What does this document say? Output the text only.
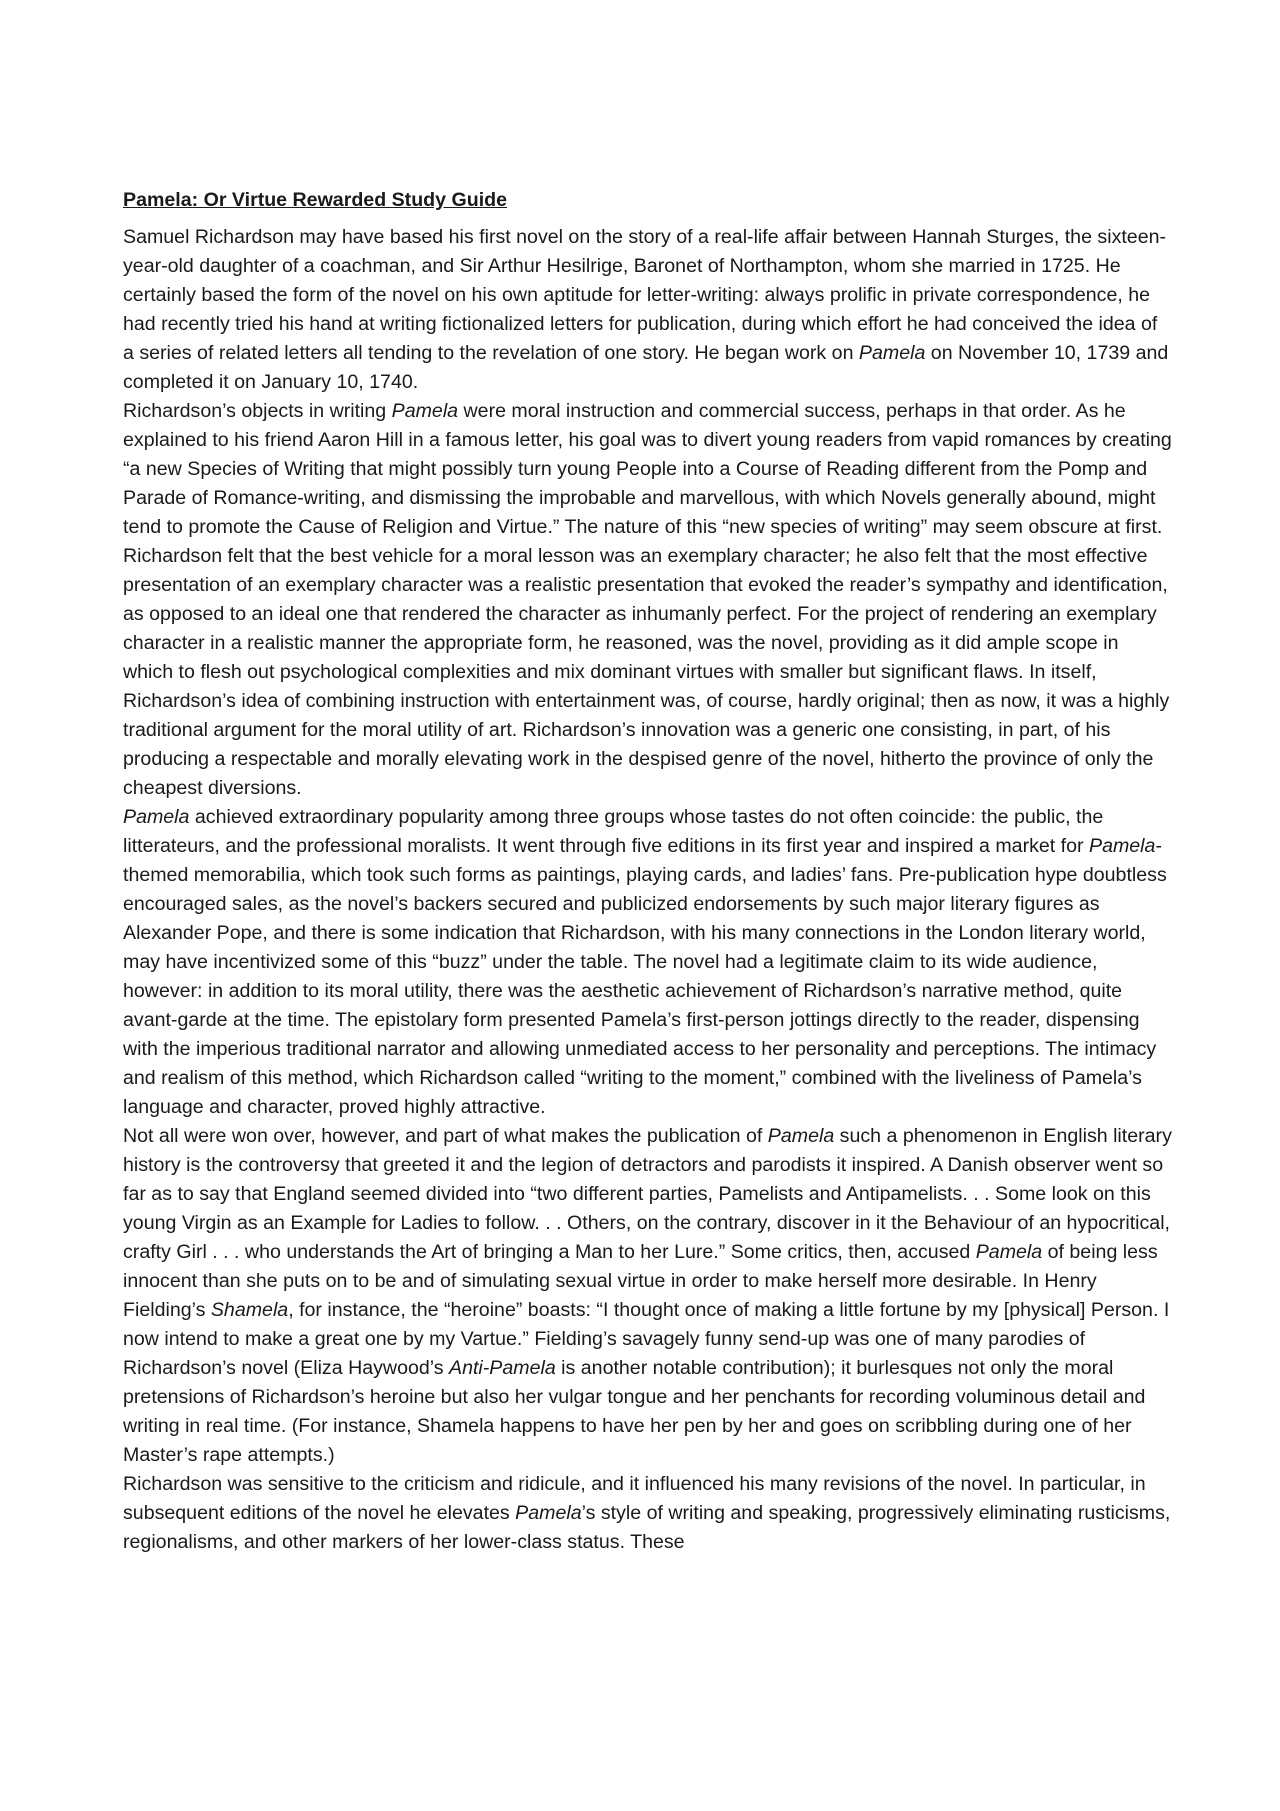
Pamela: Or Virtue Rewarded Study Guide

Samuel Richardson may have based his first novel on the story of a real-life affair between Hannah Sturges, the sixteen-year-old daughter of a coachman, and Sir Arthur Hesilrige, Baronet of Northampton, whom she married in 1725. He certainly based the form of the novel on his own aptitude for letter-writing: always prolific in private correspondence, he had recently tried his hand at writing fictionalized letters for publication, during which effort he had conceived the idea of a series of related letters all tending to the revelation of one story. He began work on Pamela on November 10, 1739 and completed it on January 10, 1740.

Richardson’s objects in writing Pamela were moral instruction and commercial success, perhaps in that order. As he explained to his friend Aaron Hill in a famous letter, his goal was to divert young readers from vapid romances by creating “a new Species of Writing that might possibly turn young People into a Course of Reading different from the Pomp and Parade of Romance-writing, and dismissing the improbable and marvellous, with which Novels generally abound, might tend to promote the Cause of Religion and Virtue.” The nature of this “new species of writing” may seem obscure at first. Richardson felt that the best vehicle for a moral lesson was an exemplary character; he also felt that the most effective presentation of an exemplary character was a realistic presentation that evoked the reader’s sympathy and identification, as opposed to an ideal one that rendered the character as inhumanly perfect. For the project of rendering an exemplary character in a realistic manner the appropriate form, he reasoned, was the novel, providing as it did ample scope in which to flesh out psychological complexities and mix dominant virtues with smaller but significant flaws. In itself, Richardson’s idea of combining instruction with entertainment was, of course, hardly original; then as now, it was a highly traditional argument for the moral utility of art. Richardson’s innovation was a generic one consisting, in part, of his producing a respectable and morally elevating work in the despised genre of the novel, hitherto the province of only the cheapest diversions.

Pamela achieved extraordinary popularity among three groups whose tastes do not often coincide: the public, the litterateurs, and the professional moralists. It went through five editions in its first year and inspired a market for Pamela-themed memorabilia, which took such forms as paintings, playing cards, and ladies’ fans. Pre-publication hype doubtless encouraged sales, as the novel’s backers secured and publicized endorsements by such major literary figures as Alexander Pope, and there is some indication that Richardson, with his many connections in the London literary world, may have incentivized some of this “buzz” under the table. The novel had a legitimate claim to its wide audience, however: in addition to its moral utility, there was the aesthetic achievement of Richardson’s narrative method, quite avant-garde at the time. The epistolary form presented Pamela’s first-person jottings directly to the reader, dispensing with the imperious traditional narrator and allowing unmediated access to her personality and perceptions. The intimacy and realism of this method, which Richardson called “writing to the moment,” combined with the liveliness of Pamela’s language and character, proved highly attractive.

Not all were won over, however, and part of what makes the publication of Pamela such a phenomenon in English literary history is the controversy that greeted it and the legion of detractors and parodists it inspired. A Danish observer went so far as to say that England seemed divided into “two different parties, Pamelists and Antipamelists. . . Some look on this young Virgin as an Example for Ladies to follow. . . Others, on the contrary, discover in it the Behaviour of an hypocritical, crafty Girl . . . who understands the Art of bringing a Man to her Lure.” Some critics, then, accused Pamela of being less innocent than she puts on to be and of simulating sexual virtue in order to make herself more desirable. In Henry Fielding’s Shamela, for instance, the “heroine” boasts: “I thought once of making a little fortune by my [physical] Person. I now intend to make a great one by my Vartue.” Fielding’s savagely funny send-up was one of many parodies of Richardson’s novel (Eliza Haywood’s Anti-Pamela is another notable contribution); it burlesques not only the moral pretensions of Richardson’s heroine but also her vulgar tongue and her penchants for recording voluminous detail and writing in real time. (For instance, Shamela happens to have her pen by her and goes on scribbling during one of her Master’s rape attempts.)

Richardson was sensitive to the criticism and ridicule, and it influenced his many revisions of the novel. In particular, in subsequent editions of the novel he elevates Pamela’s style of writing and speaking, progressively eliminating rusticisms, regionalisms, and other markers of her lower-class status. These
